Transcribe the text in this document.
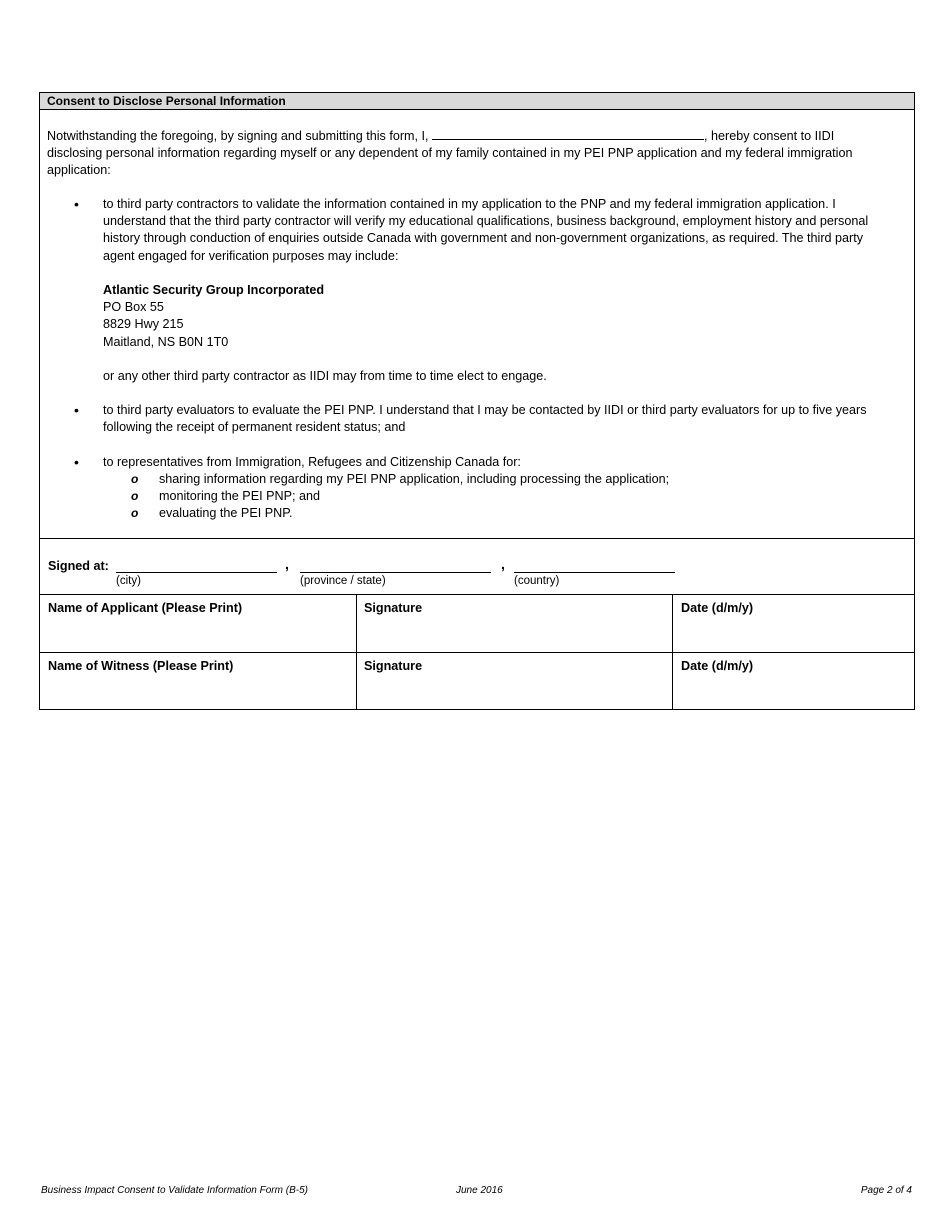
Consent to Disclose Personal Information
Notwithstanding the foregoing, by signing and submitting this form, I,	, hereby consent to IIDI
disclosing personal information regarding myself or any dependent of my family contained in my PEI PNP application and my federal immigration
application:
• to third party contractors to validate the information contained in my application to the PNP and my federal immigration application. I
understand that the third party contractor will verify my educational qualifications, business background, employment history and personal
history through conduction of enquiries outside Canada with government and non-government organizations, as required. The third party
agent engaged for verification purposes may include:
Atlantic Security Group Incorporated
PO Box 55
8829 Hwy 215
Maitland, NS B0N 1T0
or any other third party contractor as IIDI may from time to time elect to engage.
• to third party evaluators to evaluate the PEI PNP. I understand that I may be contacted by IIDI or third party evaluators for up to five years
following the receipt of permanent resident status; and
• to representatives from Immigration, Refugees and Citizenship Canada for:
o sharing information regarding my PEI PNP application, including processing the application;
o monitoring the PEI PNP; and
o evaluating the PEI PNP.
Signed at:	,	,
(city)	(province / state)	(country)
Name of Applicant (Please Print)	Signature	Date (d/m/y)
Name of Witness (Please Print)	Signature	Date (d/m/y)
Business Impact Consent to Validate Information Form (B-5)	June 2016	Page 2 of 4
